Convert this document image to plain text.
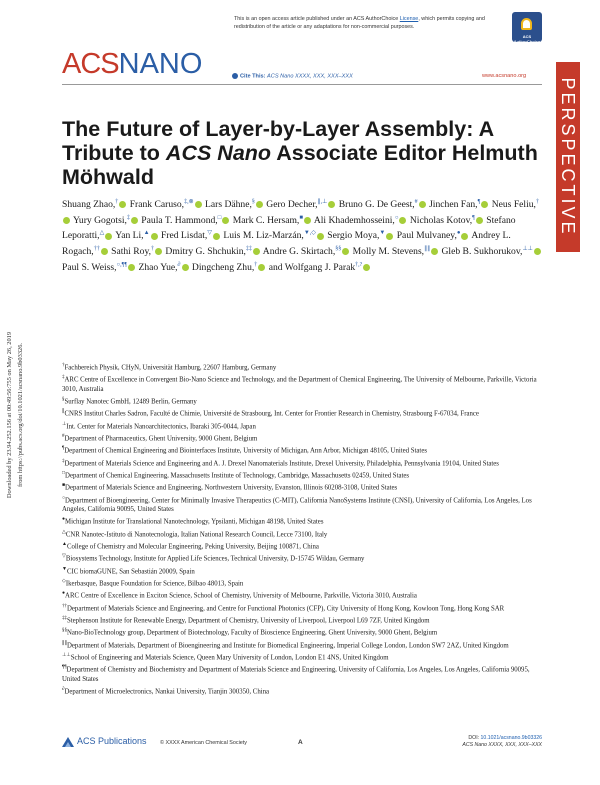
This is an open access article published under an ACS AuthorChoice License, which permits copying and redistribution of the article or any adaptations for non-commercial purposes.
ACS AuthorChoice
ACSNANO	Cite This: ACS Nano XXXX, XXX, XXX–XXX	www.acsnano.org
PERSPECTIVE
The Future of Layer-by-Layer Assembly: A
Tribute to ACS Nano Associate Editor Helmuth
Möhwald
Shuang Zhao,† Frank Caruso,‡,⊗ Lars Dähne,§ Gero Decher,∥,⊥ Bruno G. De Geest,# Jinchen Fan,¶ Neus Feliu,† Yury Gogotsi,‡ Paula T. Hammond,□ Mark C. Hersam,■ Ali Khademhosseini,○ Nicholas Kotov,¶ Stefano Leporatti,△ Yan Li,▲ Fred Lisdat,▽ Luis M. Liz-Marzán,▼,◇ Sergio Moya,▼ Paul Mulvaney,● Andrey L. Rogach,†† Sathi Roy,† Dmitry G. Shchukin,‡‡ Andre G. Skirtach,§§ Molly M. Stevens,∥∥ Gleb B. Sukhorukov,⊥⊥ Paul S. Weiss,○,¶¶ Zhao Yue,∂ Dingcheng Zhu,† and Wolfgang J. Parak†,?
†Fachbereich Physik, CHyN, Universität Hamburg, 22607 Hamburg, Germany
‡ARC Centre of Excellence in Convergent Bio-Nano Science and Technology, and the Department of Chemical Engineering, The University of Melbourne, Parkville, Victoria 3010, Australia
§Surflay Nanotec GmbH, 12489 Berlin, Germany
∥CNRS Institut Charles Sadron, Faculté de Chimie, Université de Strasbourg, Int. Center for Frontier Research in Chemistry, Strasbourg F-67034, France
⊥Int. Center for Materials Nanoarchitectonics, Ibaraki 305-0044, Japan
#Department of Pharmaceutics, Ghent University, 9000 Ghent, Belgium
¶Department of Chemical Engineering and Biointerfaces Institute, University of Michigan, Ann Arbor, Michigan 48105, United States
‡Department of Materials Science and Engineering and A. J. Drexel Nanomaterials Institute, Drexel University, Philadelphia, Pennsylvania 19104, United States
□Department of Chemical Engineering, Massachusetts Institute of Technology, Cambridge, Massachusetts 02459, United States
■Department of Materials Science and Engineering, Northwestern University, Evanston, Illinois 60208-3108, United States
○Department of Bioengineering, Center for Minimally Invasive Therapeutics (C-MIT), California NanoSystems Institute (CNSI), University of California, Los Angeles, Los Angeles, California 90095, United States
●Michigan Institute for Translational Nanotechnology, Ypsilanti, Michigan 48198, United States
△CNR Nanotec-Istituto di Nanotecnologia, Italian National Research Council, Lecce 73100, Italy
▲College of Chemistry and Molecular Engineering, Peking University, Beijing 100871, China
▽Biosystems Technology, Institute for Applied Life Sciences, Technical University, D-15745 Wildau, Germany
▼CIC biomaGUNE, San Sebastián 20009, Spain
◇Ikerbasque, Basque Foundation for Science, Bilbao 48013, Spain
●ARC Centre of Excellence in Exciton Science, School of Chemistry, University of Melbourne, Parkville, Victoria 3010, Australia
††Department of Materials Science and Engineering, and Centre for Functional Photonics (CFP), City University of Hong Kong, Kowloon Tong, Hong Kong SAR
‡‡Stephenson Institute for Renewable Energy, Department of Chemistry, University of Liverpool, Liverpool L69 7ZF, United Kingdom
§§Nano-BioTechnology group, Department of Biotechnology, Faculty of Bioscience Engineering, Ghent University, 9000 Ghent, Belgium
∥∥Department of Materials, Department of Bioengineering and Institute for Biomedical Engineering, Imperial College London, London SW7 2AZ, United Kingdom
⊥⊥School of Engineering and Materials Science, Queen Mary University of London, London E1 4NS, United Kingdom
¶¶Department of Chemistry and Biochemistry and Department of Materials Science and Engineering, University of California, Los Angeles, Los Angeles, California 90095, United States
∂Department of Microelectronics, Nankai University, Tianjin 300350, China
Downloaded by 23.94.252.156 at 00:49:56:755 on May 26, 2019 from https://pubs.acs.org/doi/10.1021/acsnano.9b03326.
ACS Publications © XXXX American Chemical Society	A
DOI: 10.1021/acsnano.9b03326
ACS Nano XXXX, XXX, XXX–XXX
